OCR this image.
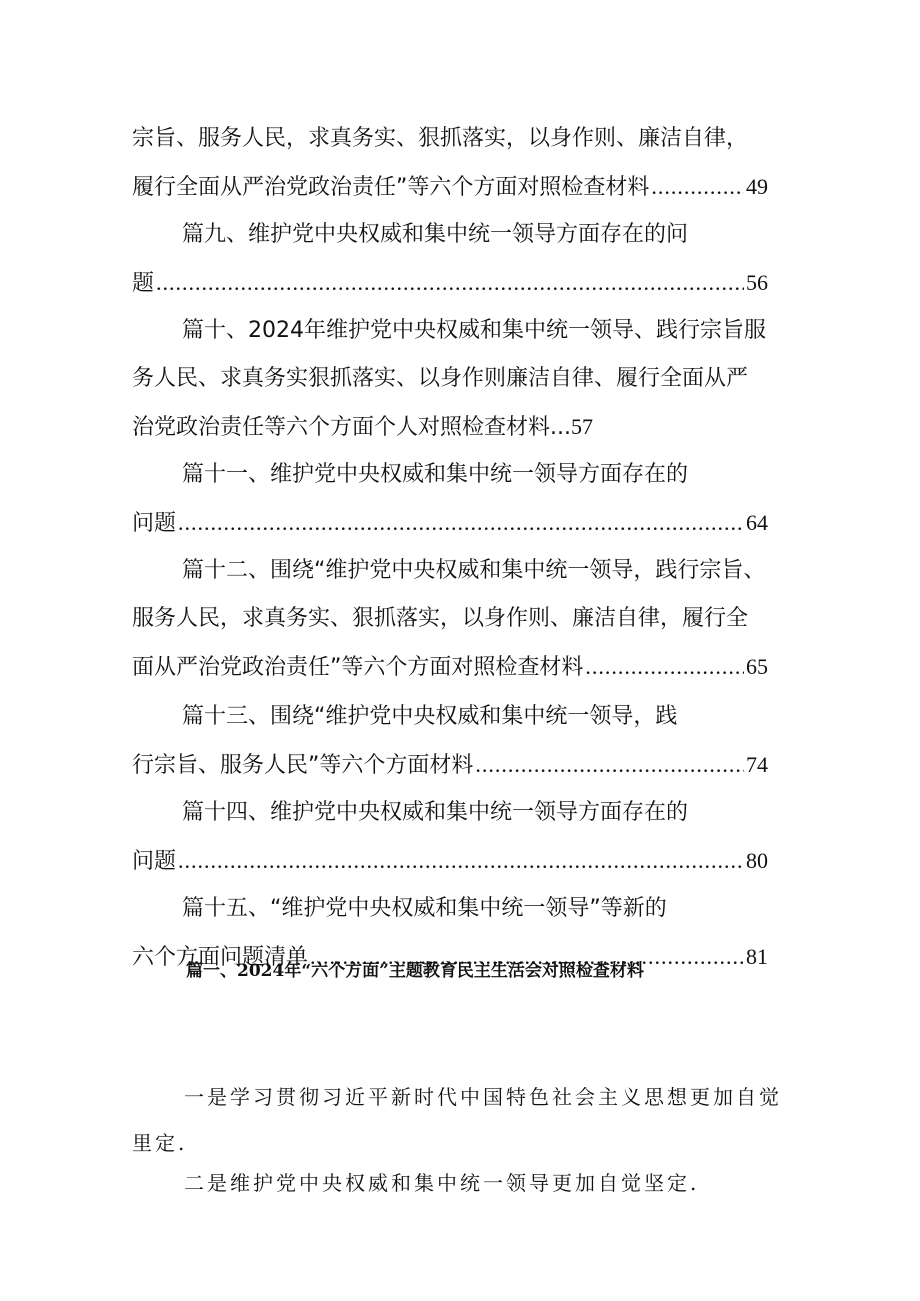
宗旨、服务人民，求真务实、狠抓落实，以身作则、廉洁自律，
履行全面从严治党政治责任”等六个方面对照检查材料 .....	49
篇九、维护党中央权威和集中统一领导方面存在的问
题 .....	56
篇十、2024年维护党中央权威和集中统一领导、践行宗旨服
务人民、求真务实狠抓落实、以身作则廉洁自律、履行全面从严
治党政治责任等六个方面个人对照检查材料...57
篇十一、维护党中央权威和集中统一领导方面存在的
问题 .....	64
篇十二、围绕“维护党中央权威和集中统一领导，践行宗旨、
服务人民，求真务实、狠抓落实，以身作则、廉洁自律，履行全
面从严治党政治责任”等六个方面对照检查材料 .....	65
篇十三、围绕“维护党中央权威和集中统一领导，践
行宗旨、服务人民”等六个方面材料 .....	74
篇十四、维护党中央权威和集中统一领导方面存在的
问题 .....	80
篇十五、“维护党中央权威和集中统一领导”等新的
六个方面问题清单 .....	81
篇一、2024年“六个方面”主题教育民主生活会对照检查材料
一是学习贯彻习近平新时代中国特色社会主义思想更加自觉
里定.
二是维护党中央权威和集中统一领导更加自觉坚定.
